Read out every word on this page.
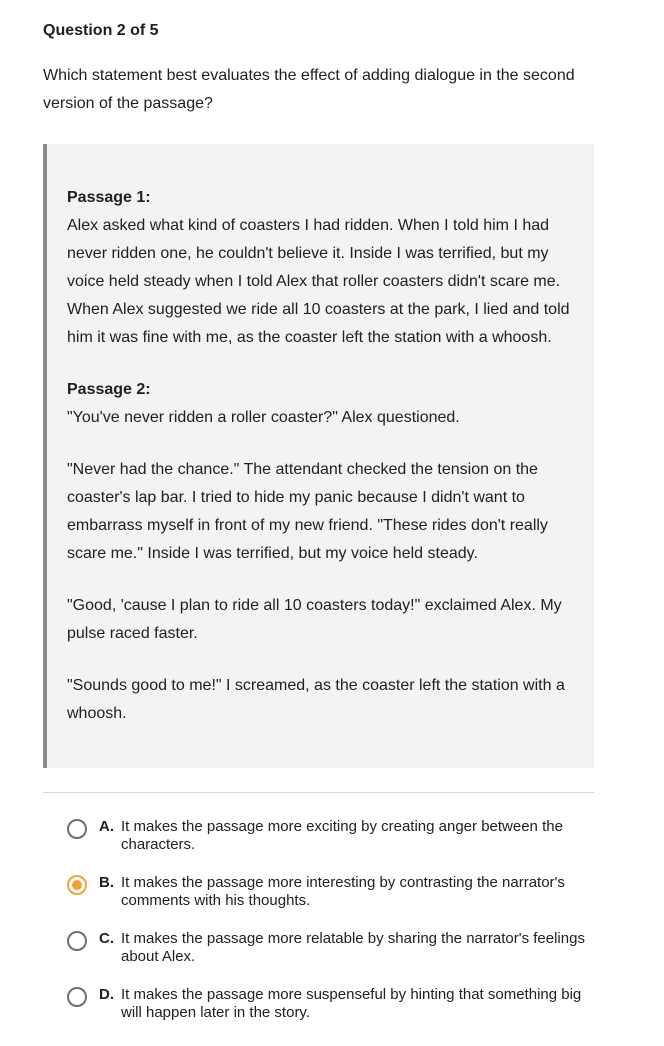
Question 2 of 5
Which statement best evaluates the effect of adding dialogue in the second version of the passage?

Passage 1:

Alex asked what kind of coasters I had ridden. When I told him I had never ridden one, he couldn't believe it. Inside I was terrified, but my voice held steady when I told Alex that roller coasters didn't scare me. When Alex suggested we ride all 10 coasters at the park, I lied and told him it was fine with me, as the coaster left the station with a whoosh.

Passage 2:

"You've never ridden a roller coaster?" Alex questioned.

"Never had the chance." The attendant checked the tension on the coaster's lap bar. I tried to hide my panic because I didn't want to embarrass myself in front of my new friend. "These rides don't really scare me." Inside I was terrified, but my voice held steady.

"Good, 'cause I plan to ride all 10 coasters today!" exclaimed Alex. My pulse raced faster.

"Sounds good to me!" I screamed, as the coaster left the station with a whoosh.

A. It makes the passage more exciting by creating anger between the characters.
B. It makes the passage more interesting by contrasting the narrator's comments with his thoughts.
C. It makes the passage more relatable by sharing the narrator's feelings about Alex.
D. It makes the passage more suspenseful by hinting that something big will happen later in the story.
